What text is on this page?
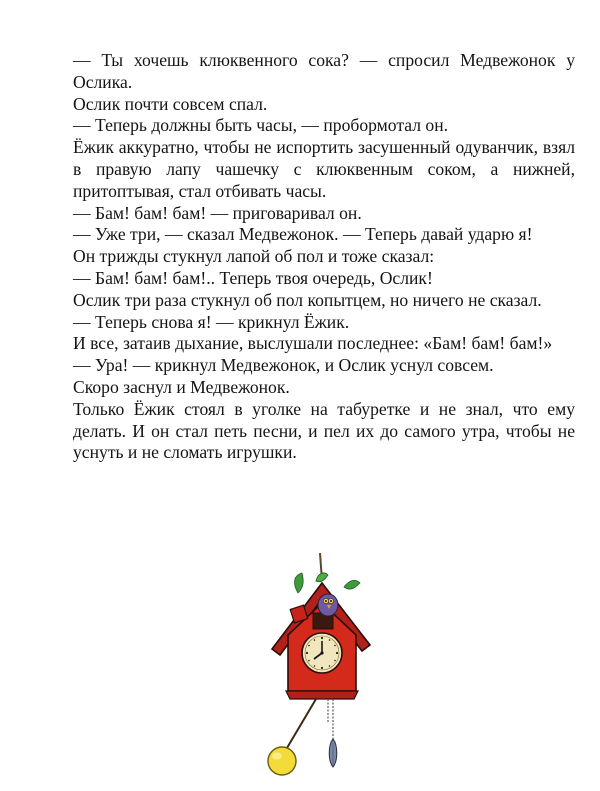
— Ты хочешь клюквенного сока? — спросил Медвежонок у Ослика.

Ослик почти совсем спал.

— Теперь должны быть часы, — пробормотал он.

Ёжик аккуратно, чтобы не испортить засушенный одуванчик, взял в правую лапу чашечку с клюквенным соком, а нижней, притоптывая, стал отбивать часы.

— Бам! бам! бам! — приговаривал он.

— Уже три, — сказал Медвежонок. — Теперь давай ударю я!

Он трижды стукнул лапой об пол и тоже сказал:

— Бам! бам! бам!.. Теперь твоя очередь, Ослик!

Ослик три раза стукнул об пол копытцем, но ничего не сказал.

— Теперь снова я! — крикнул Ёжик.

И все, затаив дыхание, выслушали последнее: «Бам! бам! бам!»

— Ура! — крикнул Медвежонок, и Ослик уснул совсем.

Скоро заснул и Медвежонок.

Только Ёжик стоял в уголке на табуретке и не знал, что ему делать. И он стал петь песни, и пел их до самого утра, чтобы не уснуть и не сломать игрушки.
